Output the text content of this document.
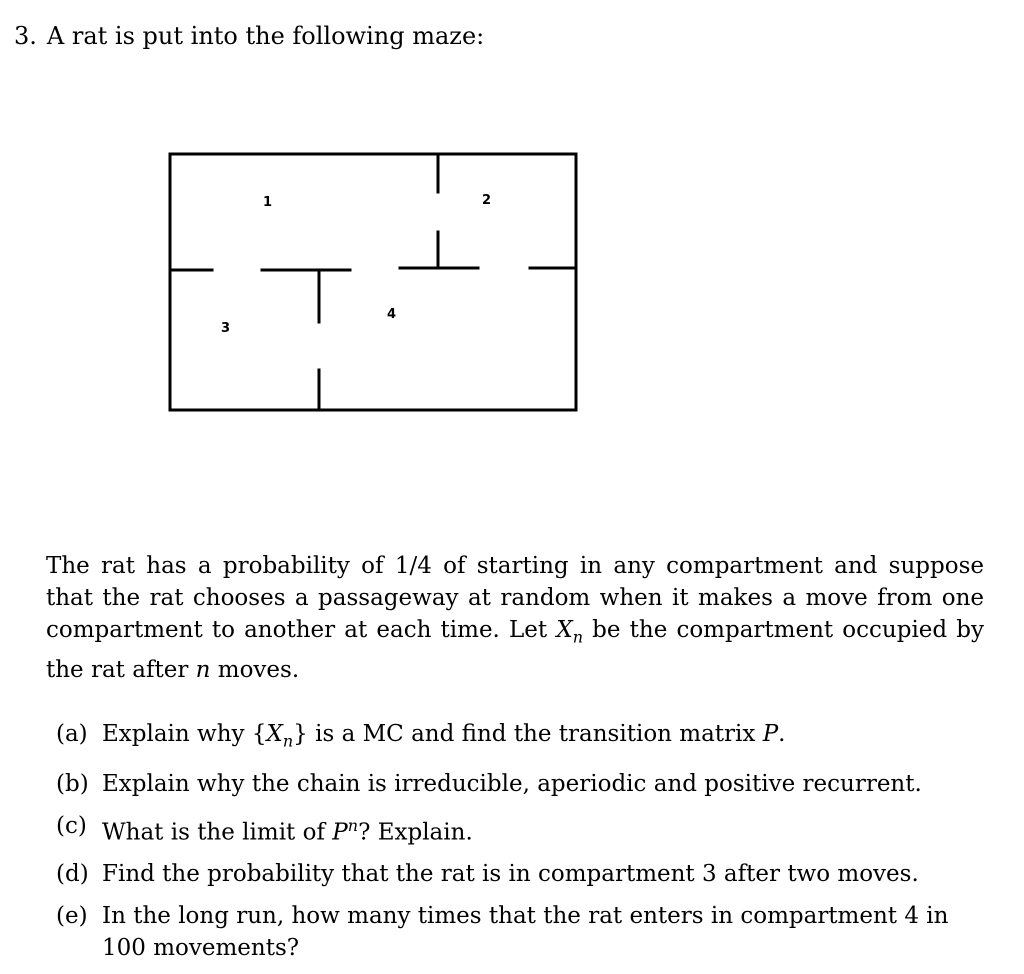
3. A rat is put into the following maze:
1	2
3
4
The rat has a probability of 1/4 of starting in any compartment and suppose that the rat chooses a passageway at random when it makes a move from one compartment to another at each time. Let $X_n$ be the compartment occupied by the rat after n moves.
(a) Explain why $\{X_n\}$ is a MC and find the transition matrix P.
(b) Explain why the chain is irreducible, aperiodic and positive recurrent.
(c) What is the limit of $P^n$? Explain.
(d) Find the probability that the rat is in compartment 3 after two moves.
(e) In the long run, how many times that the rat enters in compartment 4 in 100 movements?
